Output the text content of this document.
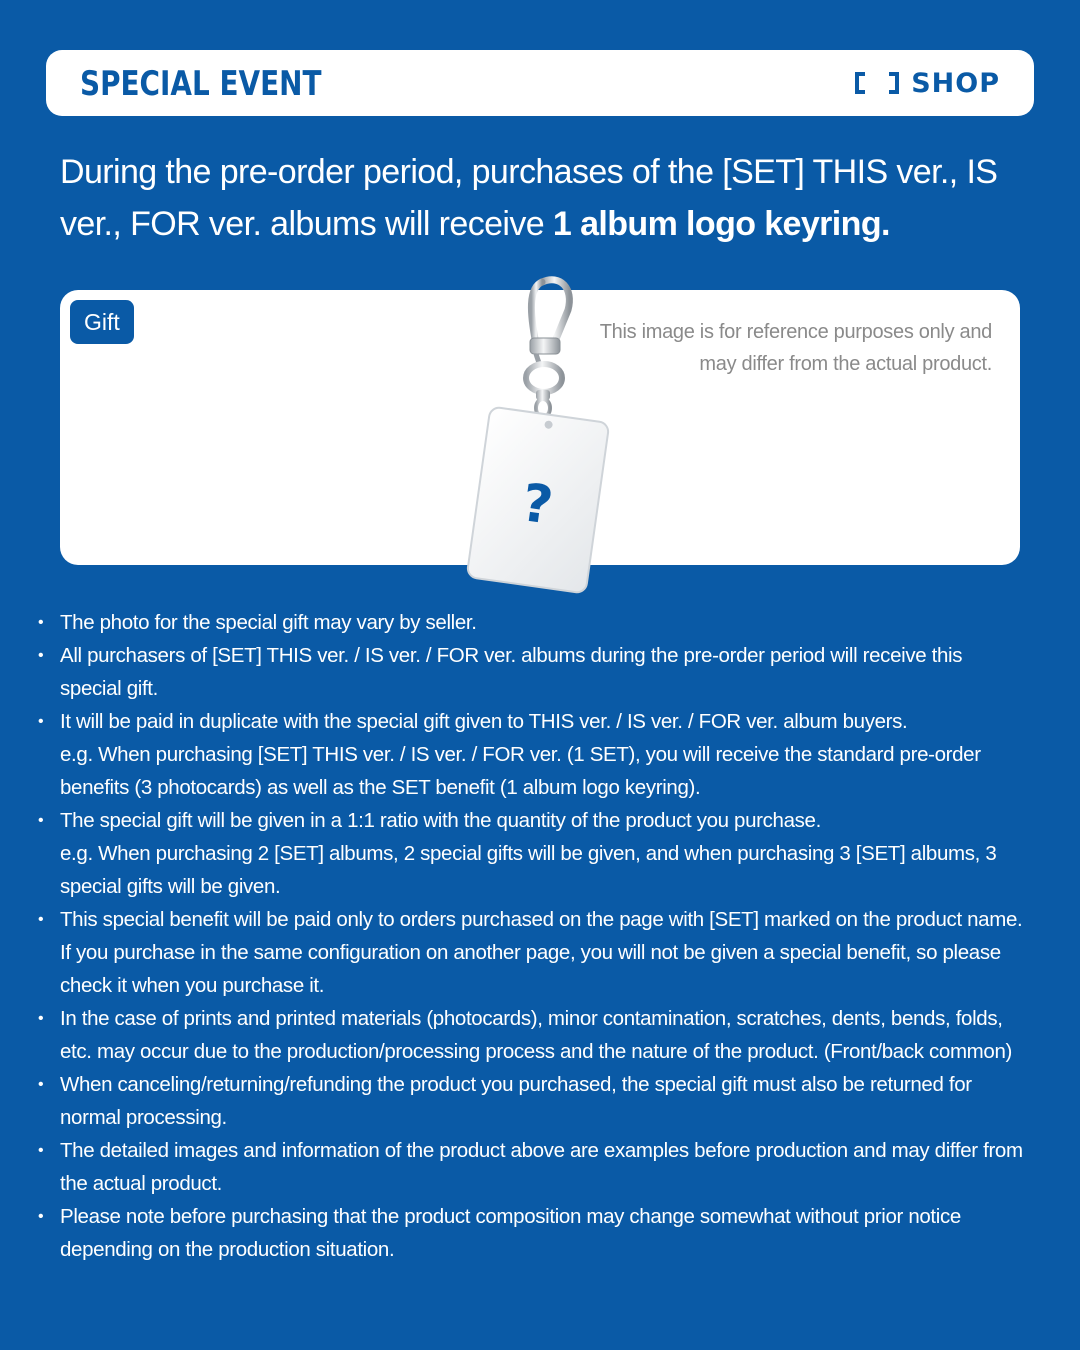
SPECIAL EVENT	SHOP
During the pre-order period, purchases of the [SET] THIS ver., IS ver., FOR ver. albums will receive 1 album logo keyring.
Gift	This image is for reference purposes only and may differ from the actual product.
?
• The photo for the special gift may vary by seller.
• All purchasers of [SET] THIS ver. / IS ver. / FOR ver. albums during the pre-order period will receive this special gift.
• It will be paid in duplicate with the special gift given to THIS ver. / IS ver. / FOR ver. album buyers.
e.g. When purchasing [SET] THIS ver. / IS ver. / FOR ver. (1 SET), you will receive the standard pre-order benefits (3 photocards) as well as the SET benefit (1 album logo keyring).
• The special gift will be given in a 1:1 ratio with the quantity of the product you purchase.
e.g. When purchasing 2 [SET] albums, 2 special gifts will be given, and when purchasing 3 [SET] albums, 3 special gifts will be given.
• This special benefit will be paid only to orders purchased on the page with [SET] marked on the product name. If you purchase in the same configuration on another page, you will not be given a special benefit, so please check it when you purchase it.
• In the case of prints and printed materials (photocards), minor contamination, scratches, dents, bends, folds, etc. may occur due to the production/processing process and the nature of the product. (Front/back common)
• When canceling/returning/refunding the product you purchased, the special gift must also be returned for normal processing.
• The detailed images and information of the product above are examples before production and may differ from the actual product.
• Please note before purchasing that the product composition may change somewhat without prior notice depending on the production situation.
